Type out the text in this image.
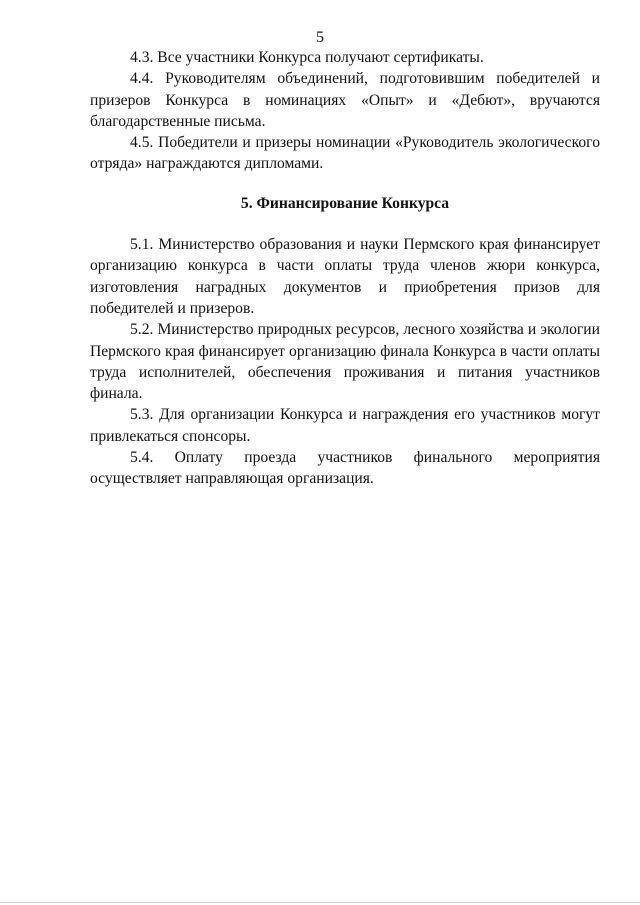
5

4.3. Все участники Конкурса получают сертификаты.

4.4. Руководителям объединений, подготовившим победителей и призеров Конкурса в номинациях «Опыт» и «Дебют», вручаются благодарственные письма.

4.5. Победители и призеры номинации «Руководитель экологического отряда» награждаются дипломами.

5. Финансирование Конкурса

5.1. Министерство образования и науки Пермского края финансирует организацию конкурса в части оплаты труда членов жюри конкурса, изготовления наградных документов и приобретения призов для победителей и призеров.

5.2. Министерство природных ресурсов, лесного хозяйства и экологии Пермского края финансирует организацию финала Конкурса в части оплаты труда исполнителей, обеспечения проживания и питания участников финала.

5.3. Для организации Конкурса и награждения его участников могут привлекаться спонсоры.

5.4. Оплату проезда участников финального мероприятия осуществляет направляющая организация.
